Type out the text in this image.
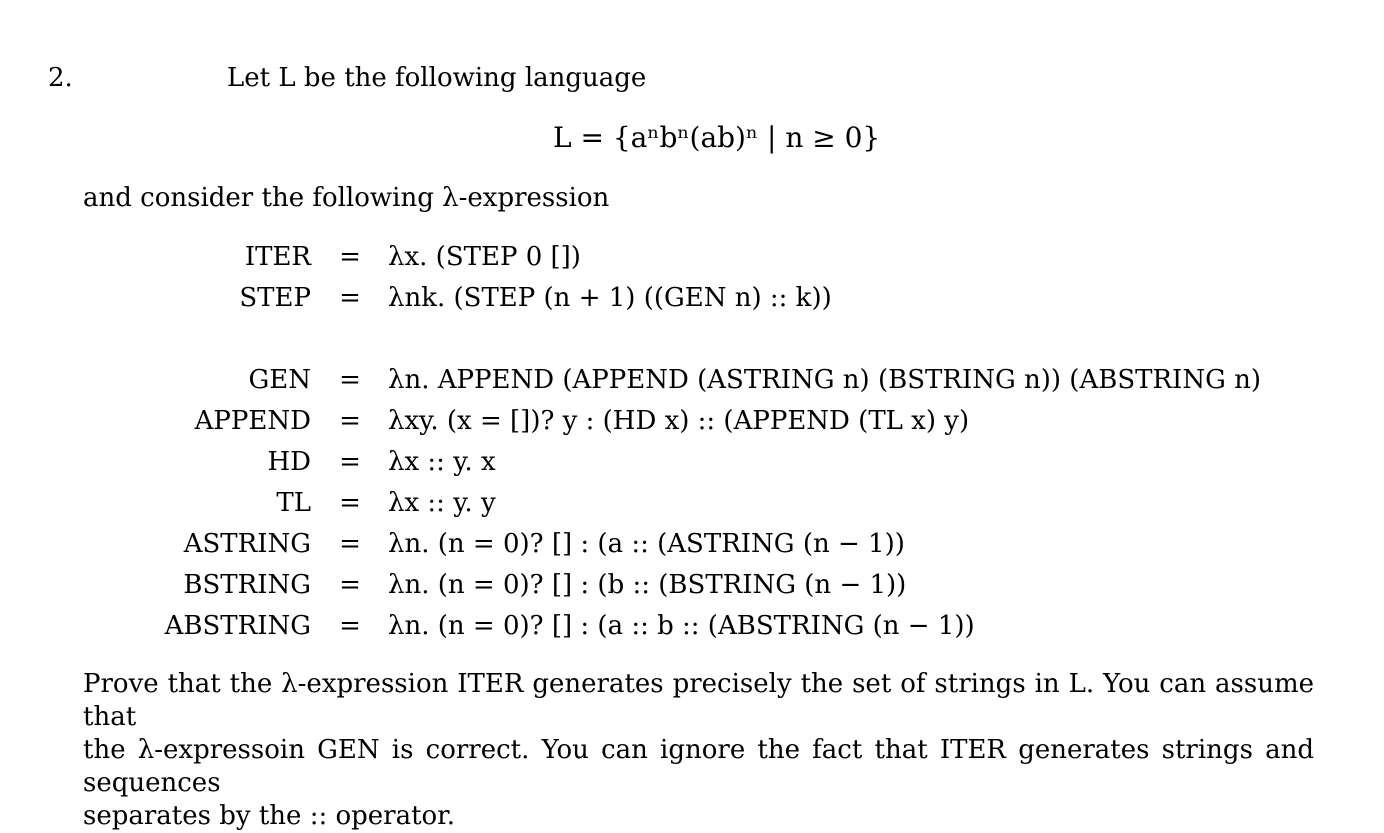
2.	Let L be the following language
L = {aⁿbⁿ(ab)ⁿ | n ≥ 0}
and consider the following λ-expression
ITER = λx. (STEP 0 [])
STEP = λnk. (STEP (n + 1) ((GEN n) :: k))
GEN = λn. APPEND (APPEND (ASTRING n) (BSTRING n)) (ABSTRING n)
APPEND = λxy. (x = [])? y : (HD x) :: (APPEND (TL x) y)
HD = λx :: y. x
TL = λx :: y. y
ASTRING = λn. (n = 0)? [] : (a :: (ASTRING (n − 1))
BSTRING = λn. (n = 0)? [] : (b :: (BSTRING (n − 1))
ABSTRING = λn. (n = 0)? [] : (a :: b :: (ABSTRING (n − 1))
Prove that the λ-expression ITER generates precisely the set of strings in L. You can assume that
the λ-expressoin GEN is correct. You can ignore the fact that ITER generates strings and sequences
separates by the :: operator.
